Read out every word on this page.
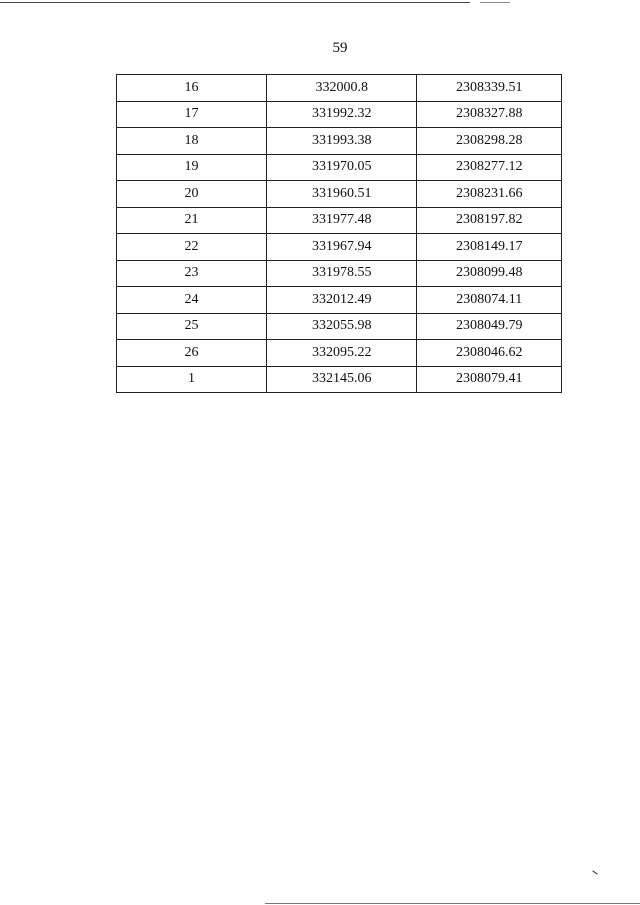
59
16	332000.8	2308339.51
17	331992.32	2308327.88
18	331993.38	2308298.28
19	331970.05	2308277.12
20	331960.51	2308231.66
21	331977.48	2308197.82
22	331967.94	2308149.17
23	331978.55	2308099.48
24	332012.49	2308074.11
25	332055.98	2308049.79
26	332095.22	2308046.62
1	332145.06	2308079.41
